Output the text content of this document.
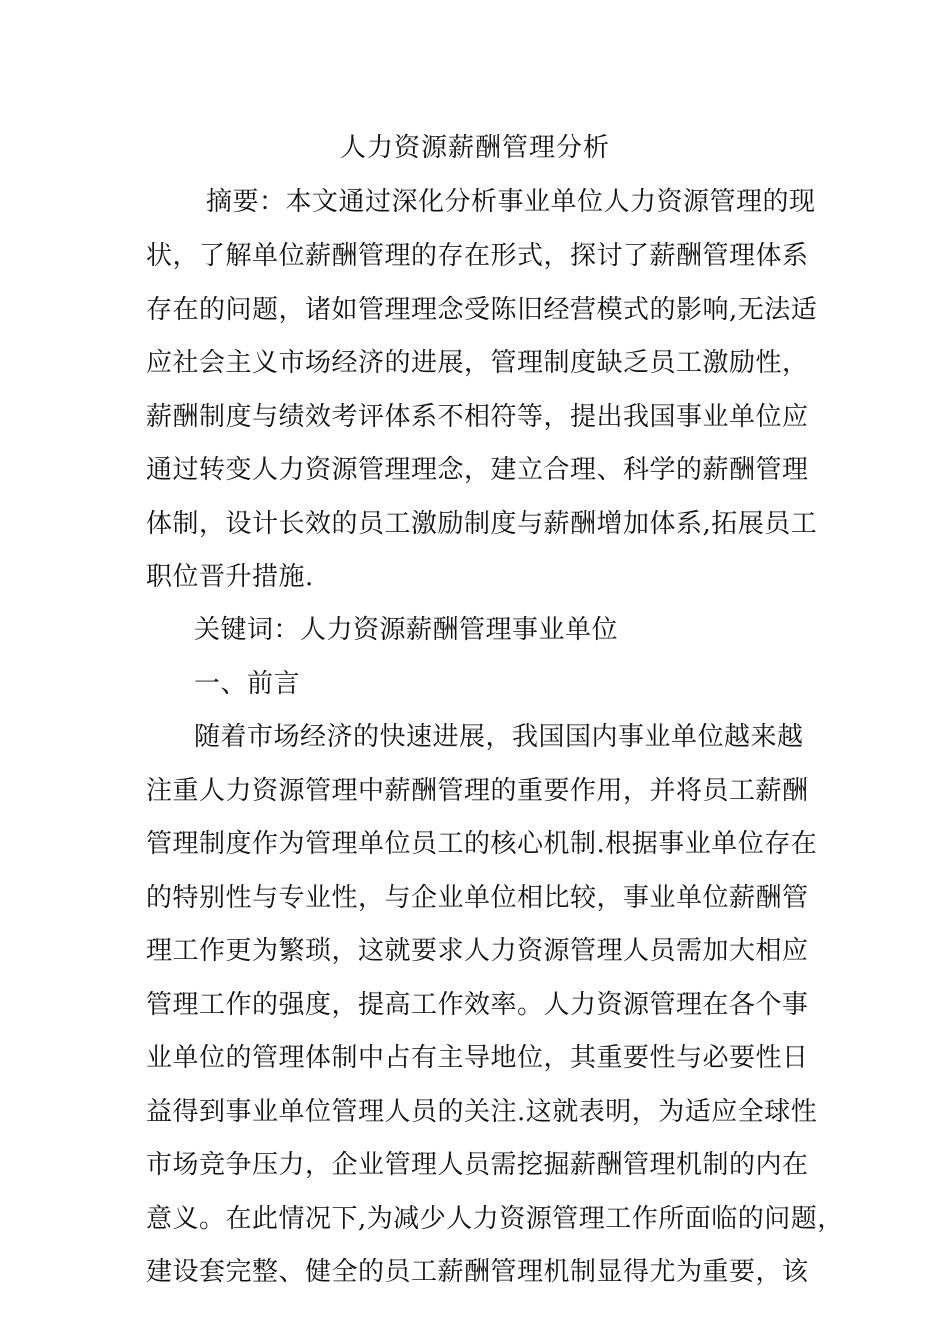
人力资源薪酬管理分析
摘要：本文通过深化分析事业单位人力资源管理的现
状，了解单位薪酬管理的存在形式，探讨了薪酬管理体系
存在的问题，诸如管理理念受陈旧经营模式的影响,无法适
应社会主义市场经济的进展，管理制度缺乏员工激励性，
薪酬制度与绩效考评体系不相符等，提出我国事业单位应
通过转变人力资源管理理念，建立合理、科学的薪酬管理
体制，设计长效的员工激励制度与薪酬增加体系,拓展员工
职位晋升措施.
关键词：人力资源薪酬管理事业单位
一、前言
随着市场经济的快速进展，我国国内事业单位越来越
注重人力资源管理中薪酬管理的重要作用，并将员工薪酬
管理制度作为管理单位员工的核心机制.根据事业单位存在
的特别性与专业性，与企业单位相比较，事业单位薪酬管
理工作更为繁琐，这就要求人力资源管理人员需加大相应
管理工作的强度，提高工作效率。人力资源管理在各个事
业单位的管理体制中占有主导地位，其重要性与必要性日
益得到事业单位管理人员的关注.这就表明，为适应全球性
市场竞争压力，企业管理人员需挖掘薪酬管理机制的内在
意义。在此情况下,为减少人力资源管理工作所面临的问题，
建设套完整、健全的员工薪酬管理机制显得尤为重要，该
